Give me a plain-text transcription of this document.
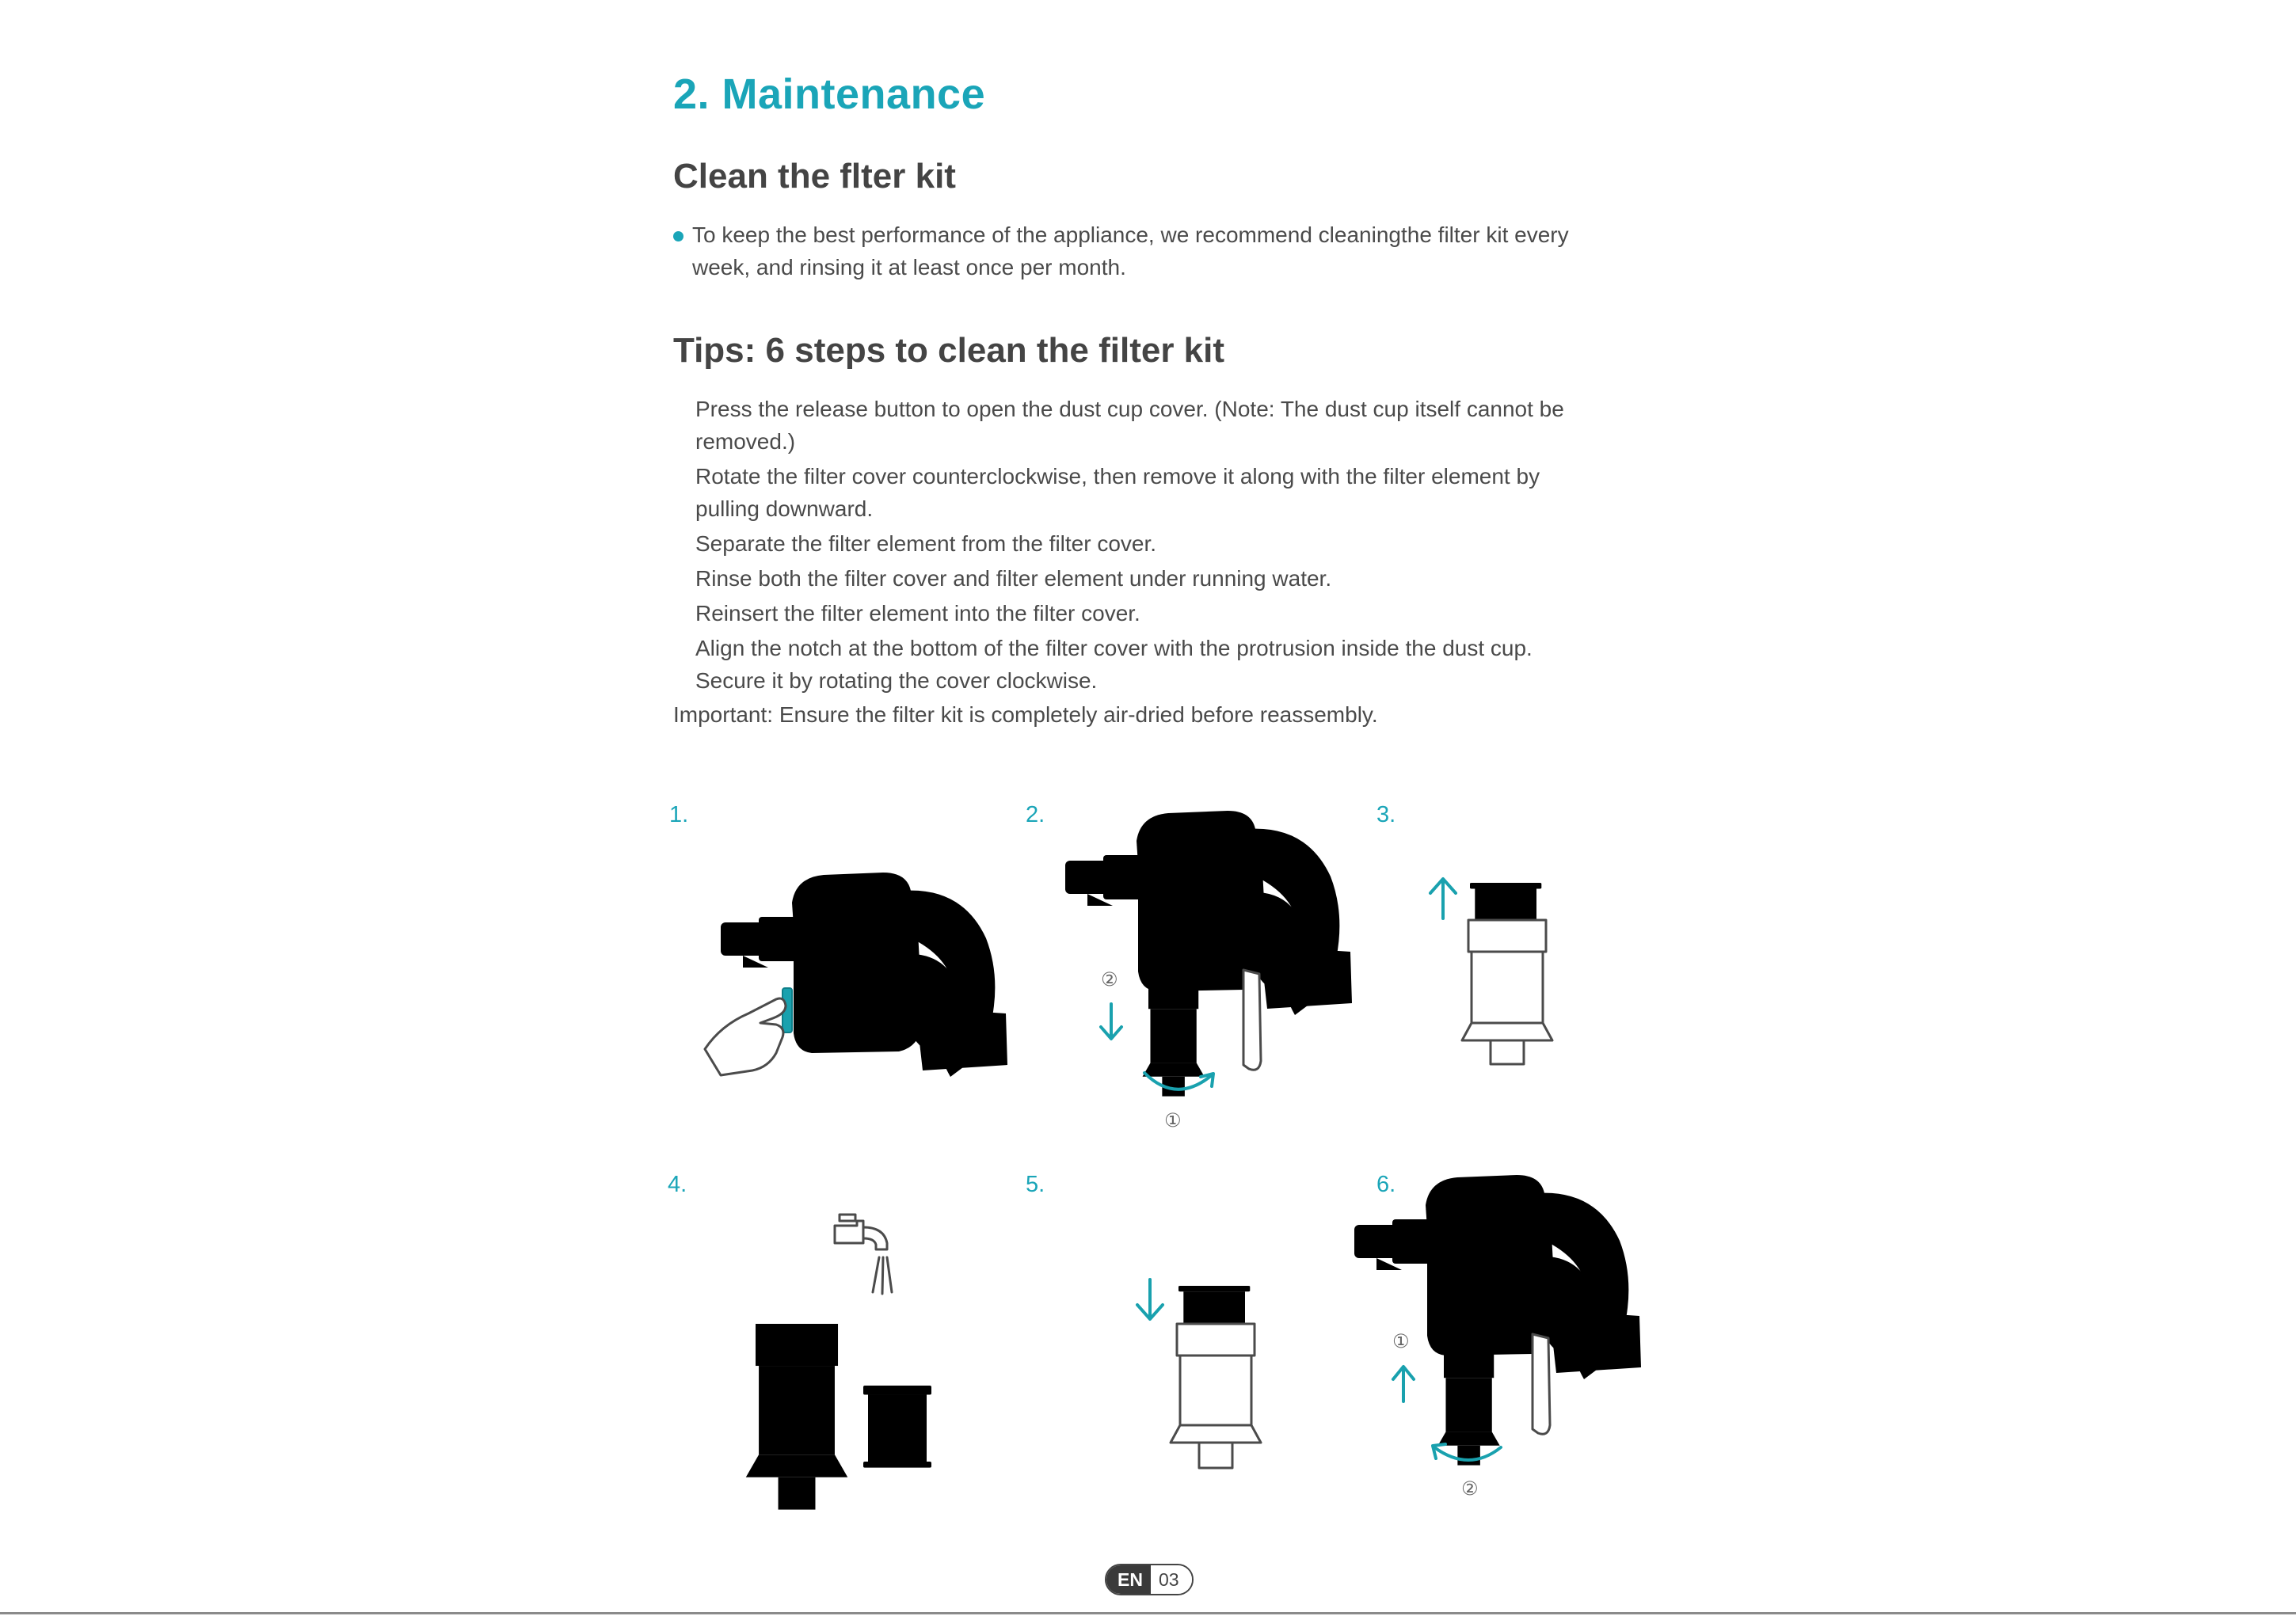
2. Maintenance
Clean the flter kit
To keep the best performance of the appliance, we recommend cleaningthe filter kit every week, and rinsing it at least once per month.
Tips: 6 steps to clean the filter kit
Press the release button to open the dust cup cover. (Note: The dust cup itself cannot be removed.)
Rotate the filter cover counterclockwise, then remove it along with the filter element by pulling downward.
Separate the filter element from the filter cover.
Rinse both the filter cover and filter element under running water.
Reinsert the filter element into the filter cover.
Align the notch at the bottom of the filter cover with the protrusion inside the dust cup. Secure it by rotating the cover clockwise.
Important: Ensure the filter kit is completely air-dried before reassembly.
1.	2.	3.
4.	5.	6.
②
①
①
②
EN 03
